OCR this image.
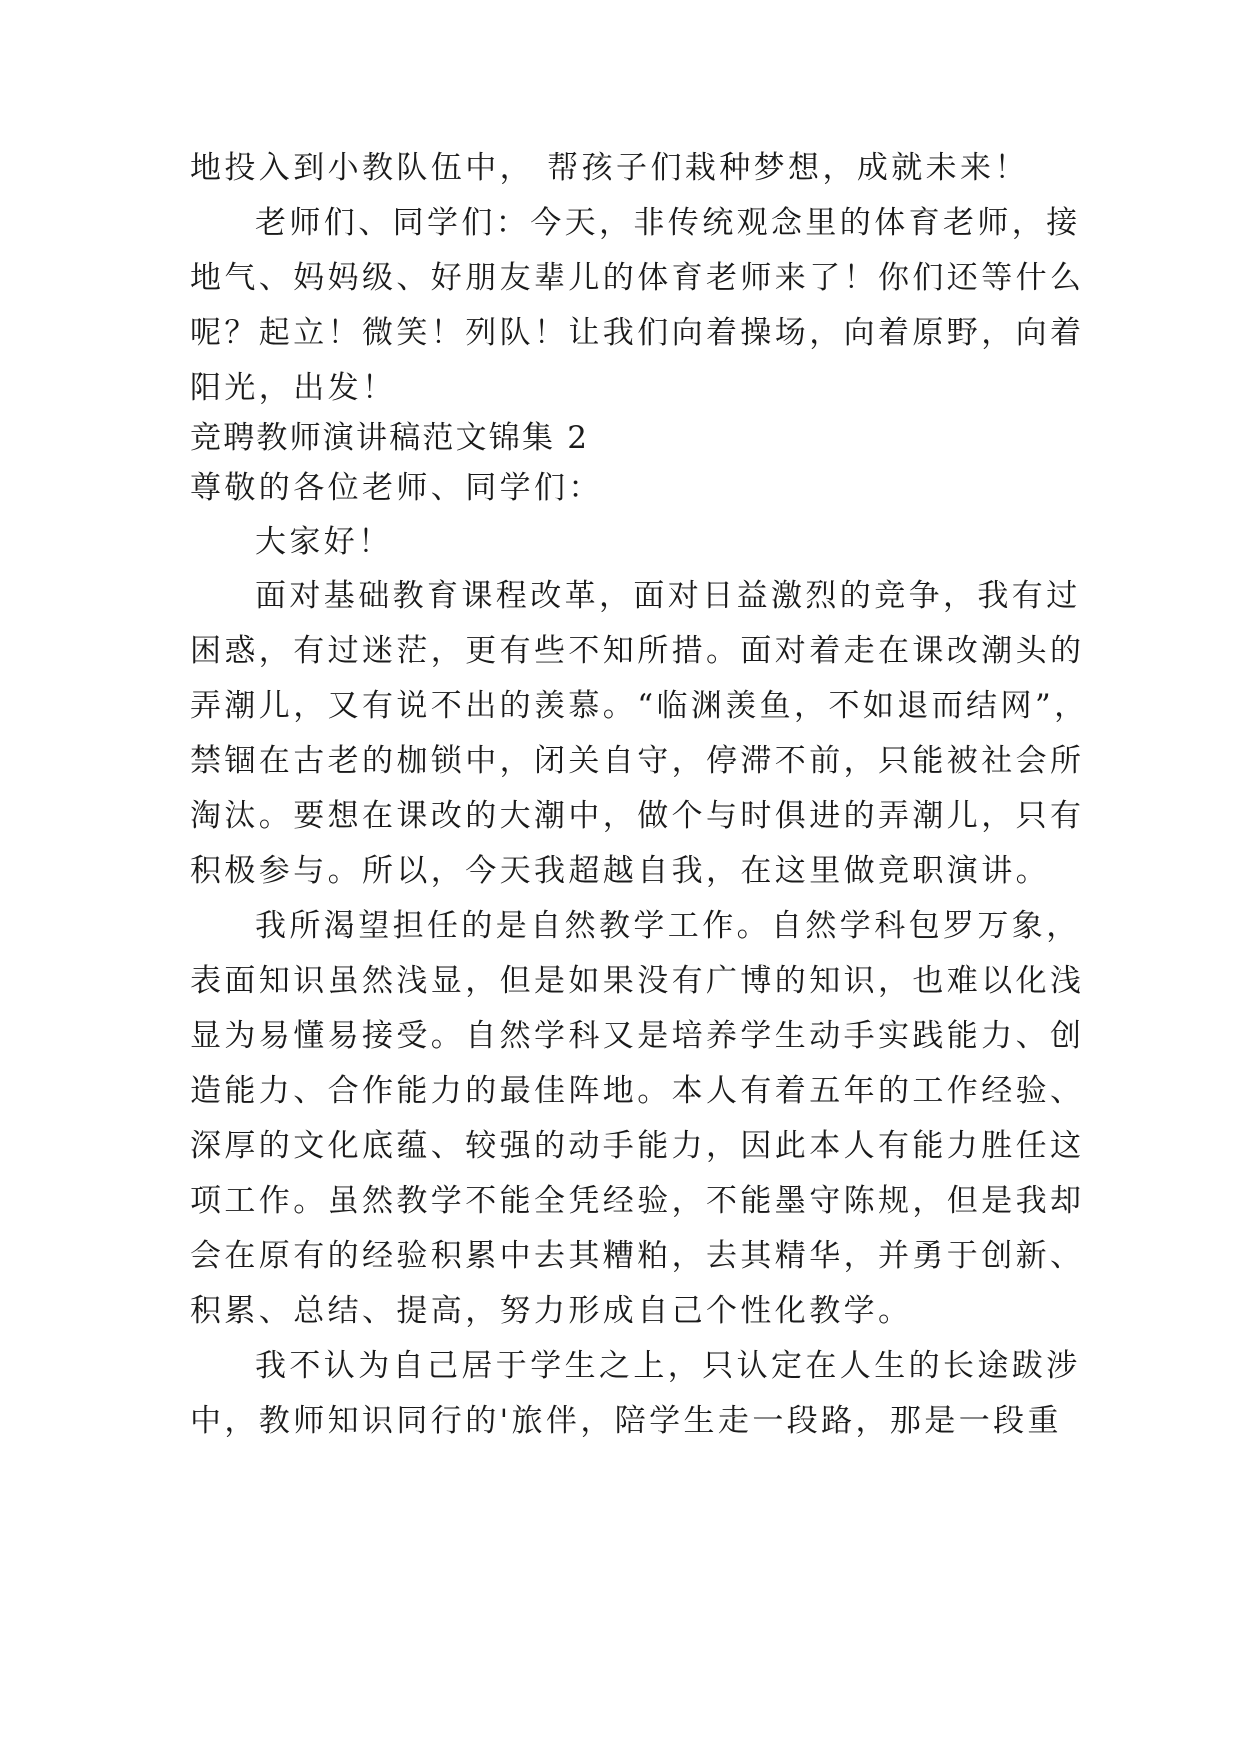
地投入到小教队伍中， 帮孩子们栽种梦想，成就未来！
老师们、同学们：今天，非传统观念里的体育老师，接
地气、妈妈级、好朋友辈儿的体育老师来了！你们还等什么
呢？起立！微笑！列队！让我们向着操场，向着原野，向着
阳光，出发！
竞聘教师演讲稿范文锦集 2
尊敬的各位老师、同学们：
大家好！
面对基础教育课程改革，面对日益激烈的竞争，我有过
困惑，有过迷茫，更有些不知所措。面对着走在课改潮头的
弄潮儿，又有说不出的羡慕。“临渊羡鱼，不如退而结网”，
禁锢在古老的枷锁中，闭关自守，停滞不前，只能被社会所
淘汰。要想在课改的大潮中，做个与时俱进的弄潮儿，只有
积极参与。所以，今天我超越自我，在这里做竞职演讲。
我所渴望担任的是自然教学工作。自然学科包罗万象，
表面知识虽然浅显，但是如果没有广博的知识，也难以化浅
显为易懂易接受。自然学科又是培养学生动手实践能力、创
造能力、合作能力的最佳阵地。本人有着五年的工作经验、
深厚的文化底蕴、较强的动手能力，因此本人有能力胜任这
项工作。虽然教学不能全凭经验，不能墨守陈规，但是我却
会在原有的经验积累中去其糟粕，去其精华，并勇于创新、
积累、总结、提高，努力形成自己个性化教学。
我不认为自己居于学生之上，只认定在人生的长途跋涉
中，教师知识同行的'旅伴，陪学生走一段路，那是一段重
